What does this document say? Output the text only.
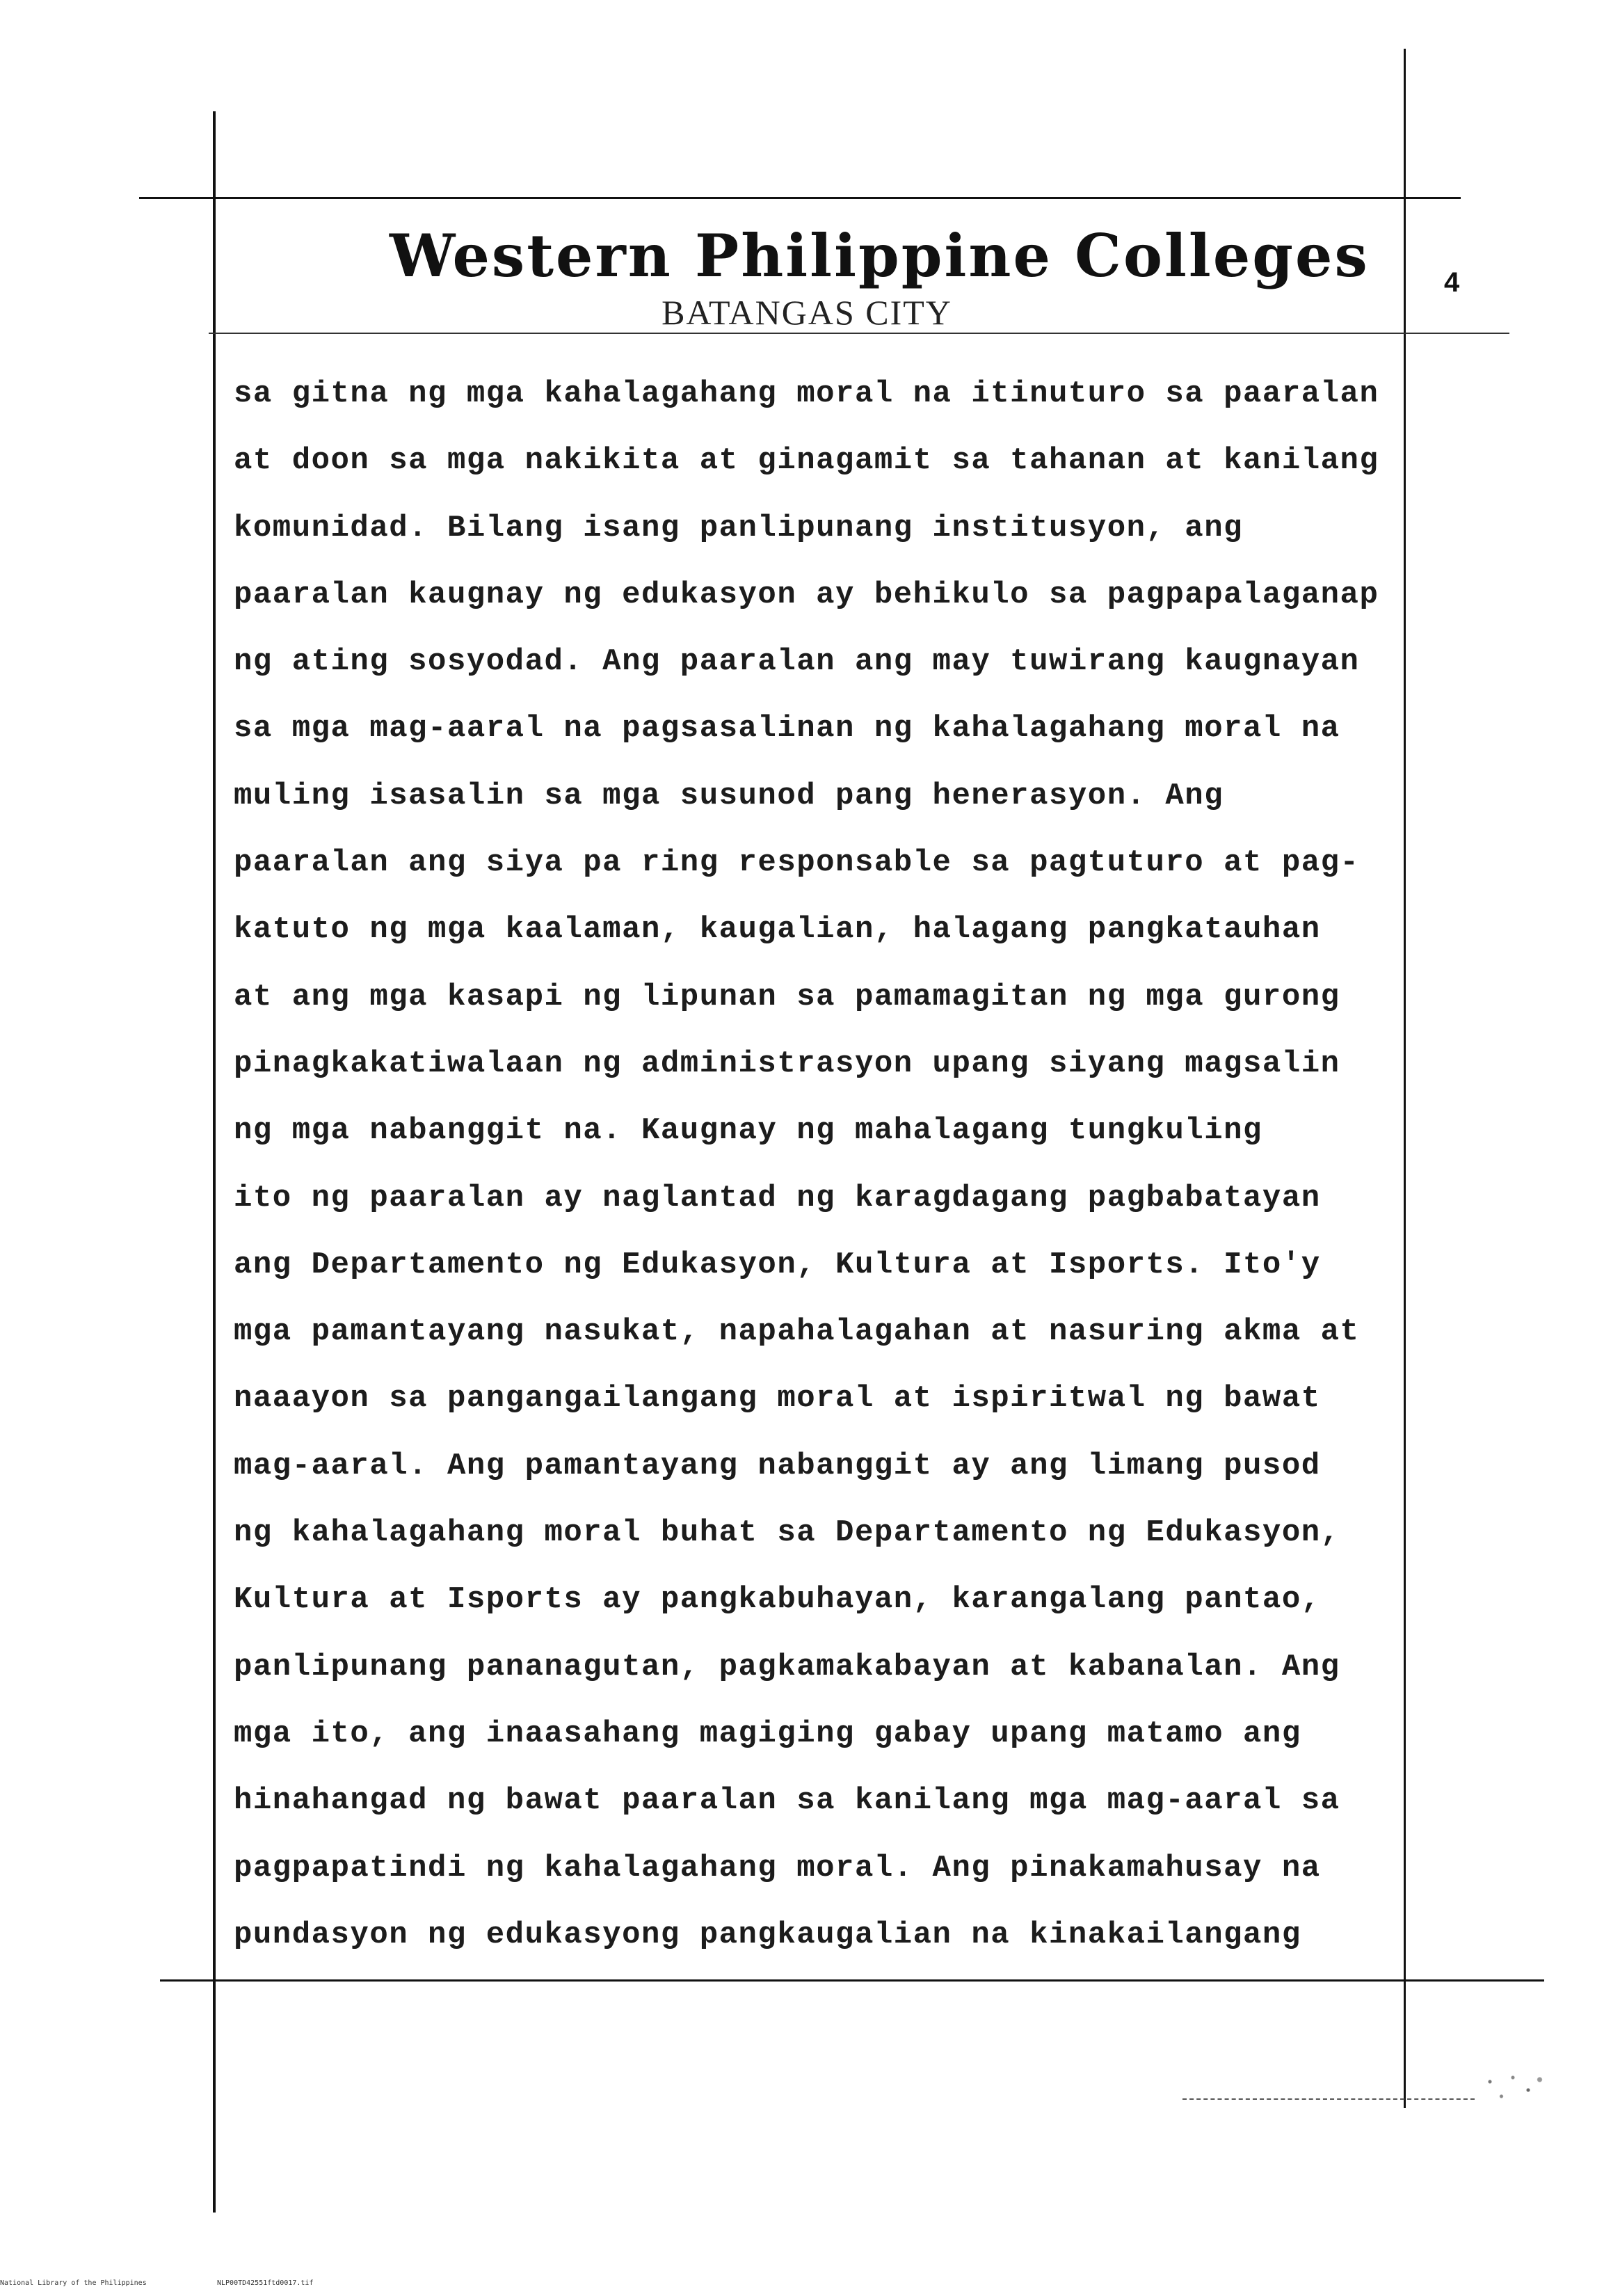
Western Philippine Colleges
BATANGAS CITY
4
sa gitna ng mga kahalagahang moral na itinuturo sa paaralan
at doon sa mga nakikita at ginagamit sa tahanan at kanilang
komunidad. Bilang isang panlipunang institusyon, ang
paaralan kaugnay ng edukasyon ay behikulo sa pagpapalaganap
ng ating sosyodad. Ang paaralan ang may tuwirang kaugnayan
sa mga mag-aaral na pagsasalinan ng kahalagahang moral na
muling isasalin sa mga susunod pang henerasyon. Ang
paaralan ang siya pa ring responsable sa pagtuturo at pag-
katuto ng mga kaalaman, kaugalian, halagang pangkatauhan
at ang mga kasapi ng lipunan sa pamamagitan ng mga gurong
pinagkakatiwalaan ng administrasyon upang siyang magsalin
ng mga nabanggit na. Kaugnay ng mahalagang tungkuling
ito ng paaralan ay naglantad ng karagdagang pagbabatayan
ang Departamento ng Edukasyon, Kultura at Isports. Ito'y
mga pamantayang nasukat, napahalagahan at nasuring akma at
naaayon sa pangangailangang moral at ispiritwal ng bawat
mag-aaral. Ang pamantayang nabanggit ay ang limang pusod
ng kahalagahang moral buhat sa Departamento ng Edukasyon,
Kultura at Isports ay pangkabuhayan, karangalang pantao,
panlipunang pananagutan, pagkamakabayan at kabanalan. Ang
mga ito, ang inaasahang magiging gabay upang matamo ang
hinahangad ng bawat paaralan sa kanilang mga mag-aaral sa
pagpapatindi ng kahalagahang moral. Ang pinakamahusay na
pundasyon ng edukasyong pangkaugalian na kinakailangang
National Library of the Philippines	NLP00TD42551ftd0017.tif
